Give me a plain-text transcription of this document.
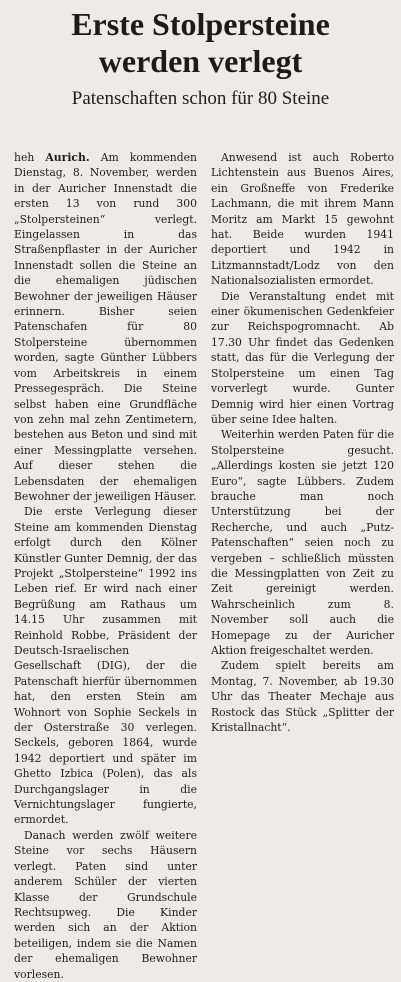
Erste Stolpersteine
werden verlegt
Patenschaften schon für 80 Steine

heh Aurich. Am kommenden Dienstag, 8. November, werden in der Auricher Innenstadt die ersten 13 von rund 300 „Stolpersteinen“ verlegt. Eingelassen in das Straßenpflaster in der Auricher Innenstadt sollen die Steine an die ehemaligen jüdischen Bewohner der jeweiligen Häuser erinnern. Bisher seien Patenschafen für 80 Stolpersteine übernommen worden, sagte Günther Lübbers vom Arbeitskreis in einem Pressegespräch. Die Steine selbst haben eine Grundfläche von zehn mal zehn Zentimetern, bestehen aus Beton und sind mit einer Messingplatte versehen. Auf dieser stehen die Lebensdaten der ehemaligen Bewohner der jeweiligen Häuser.

Die erste Verlegung dieser Steine am kommenden Dienstag erfolgt durch den Kölner Künstler Gunter Demnig, der das Projekt „Stolpersteine“ 1992 ins Leben rief. Er wird nach einer Begrüßung am Rathaus um 14.15 Uhr zusammen mit Reinhold Robbe, Präsident der Deutsch-Israelischen Gesellschaft (DIG), der die Patenschaft hierfür übernommen hat, den ersten Stein am Wohnort von Sophie Seckels in der Osterstraße 30 verlegen. Seckels, geboren 1864, wurde 1942 deportiert und später im Ghetto Izbica (Polen), das als Durchgangslager in die Vernichtungslager fungierte, ermordet.

Danach werden zwölf weitere Steine vor sechs Häusern verlegt. Paten sind unter anderem Schüler der vierten Klasse der Grundschule Rechtsupweg. Die Kinder werden sich an der Aktion beteiligen, indem sie die Namen der ehemaligen Bewohner vorlesen.

Anwesend ist auch Roberto Lichtenstein aus Buenos Aires, ein Großneffe von Frederike Lachmann, die mit ihrem Mann Moritz am Markt 15 gewohnt hat. Beide wurden 1941 deportiert und 1942 in Litzmannstadt/Lodz von den Nationalsozialisten ermordet.

Die Veranstaltung endet mit einer ökumenischen Gedenkfeier zur Reichspogromnacht. Ab 17.30 Uhr findet das Gedenken statt, das für die Verlegung der Stolpersteine um einen Tag vorverlegt wurde. Gunter Demnig wird hier einen Vortrag über seine Idee halten.

Weiterhin werden Paten für die Stolpersteine gesucht. „Allerdings kosten sie jetzt 120 Euro“, sagte Lübbers. Zudem brauche man noch Unterstützung bei der Recherche, und auch „Putz-Patenschaften“ seien noch zu vergeben – schließlich müssten die Messingplatten von Zeit zu Zeit gereinigt werden. Wahrscheinlich zum 8. November soll auch die Homepage zu der Auricher Aktion freigeschaltet werden.

Zudem spielt bereits am Montag, 7. November, ab 19.30 Uhr das Theater Mechaje aus Rostock das Stück „Splitter der Kristallnacht“.
